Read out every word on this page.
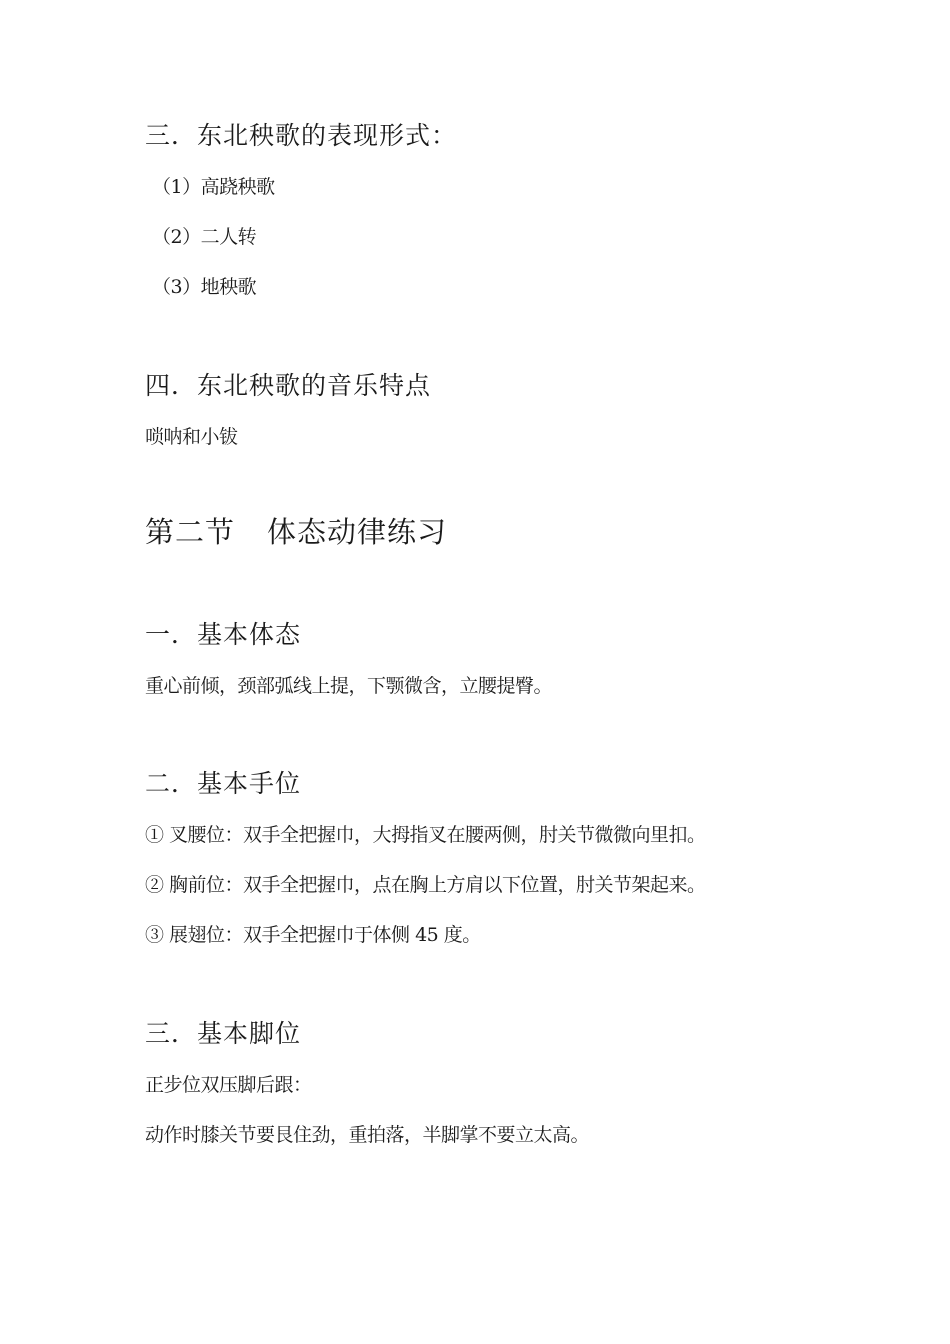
三．东北秧歌的表现形式：
（1）高跷秧歌
（2）二人转
（3）地秧歌
四．东北秧歌的音乐特点
唢呐和小钹
第二节 体态动律练习
一．基本体态
重心前倾，颈部弧线上提，下颚微含，立腰提臀。
二．基本手位
① 叉腰位：双手全把握巾，大拇指叉在腰两侧，肘关节微微向里扣。
② 胸前位：双手全把握巾，点在胸上方肩以下位置，肘关节架起来。
③ 展翅位：双手全把握巾于体侧 45 度。
三．基本脚位
正步位双压脚后跟：
动作时膝关节要艮住劲，重拍落，半脚掌不要立太高。
